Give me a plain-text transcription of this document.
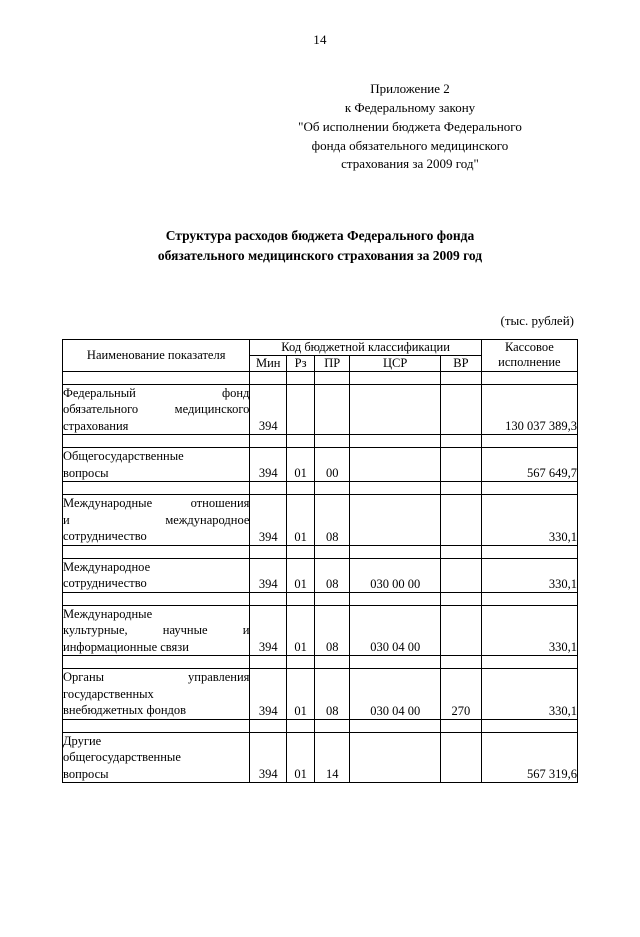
14
Приложение 2
к Федеральному закону
"Об исполнении бюджета Федерального
фонда обязательного медицинского
страхования за 2009 год"
Структура расходов бюджета Федерального фонда
обязательного медицинского страхования за 2009 год
(тыс. рублей)
Наименование показателя	Код бюджетной классификации					Кассовое
исполнение

	Мин	Рз	ПР	ЦСР	ВР	

Федеральный фонд
обязательного медицинского
страхования	394					130 037 389,3

Общегосударственные
вопросы	394	01	00			567 649,7

Международные отношения
и международное
сотрудничество	394	01	08			330,1

Международное
сотрудничество	394	01	08	030 00 00		330,1

Международные
культурные, научные и
информационные связи	394	01	08	030 04 00		330,1

Органы управления
государственных
внебюджетных фондов	394	01	08	030 04 00	270	330,1

Другие
общегосударственные
вопросы	394	01	14			567 319,6
